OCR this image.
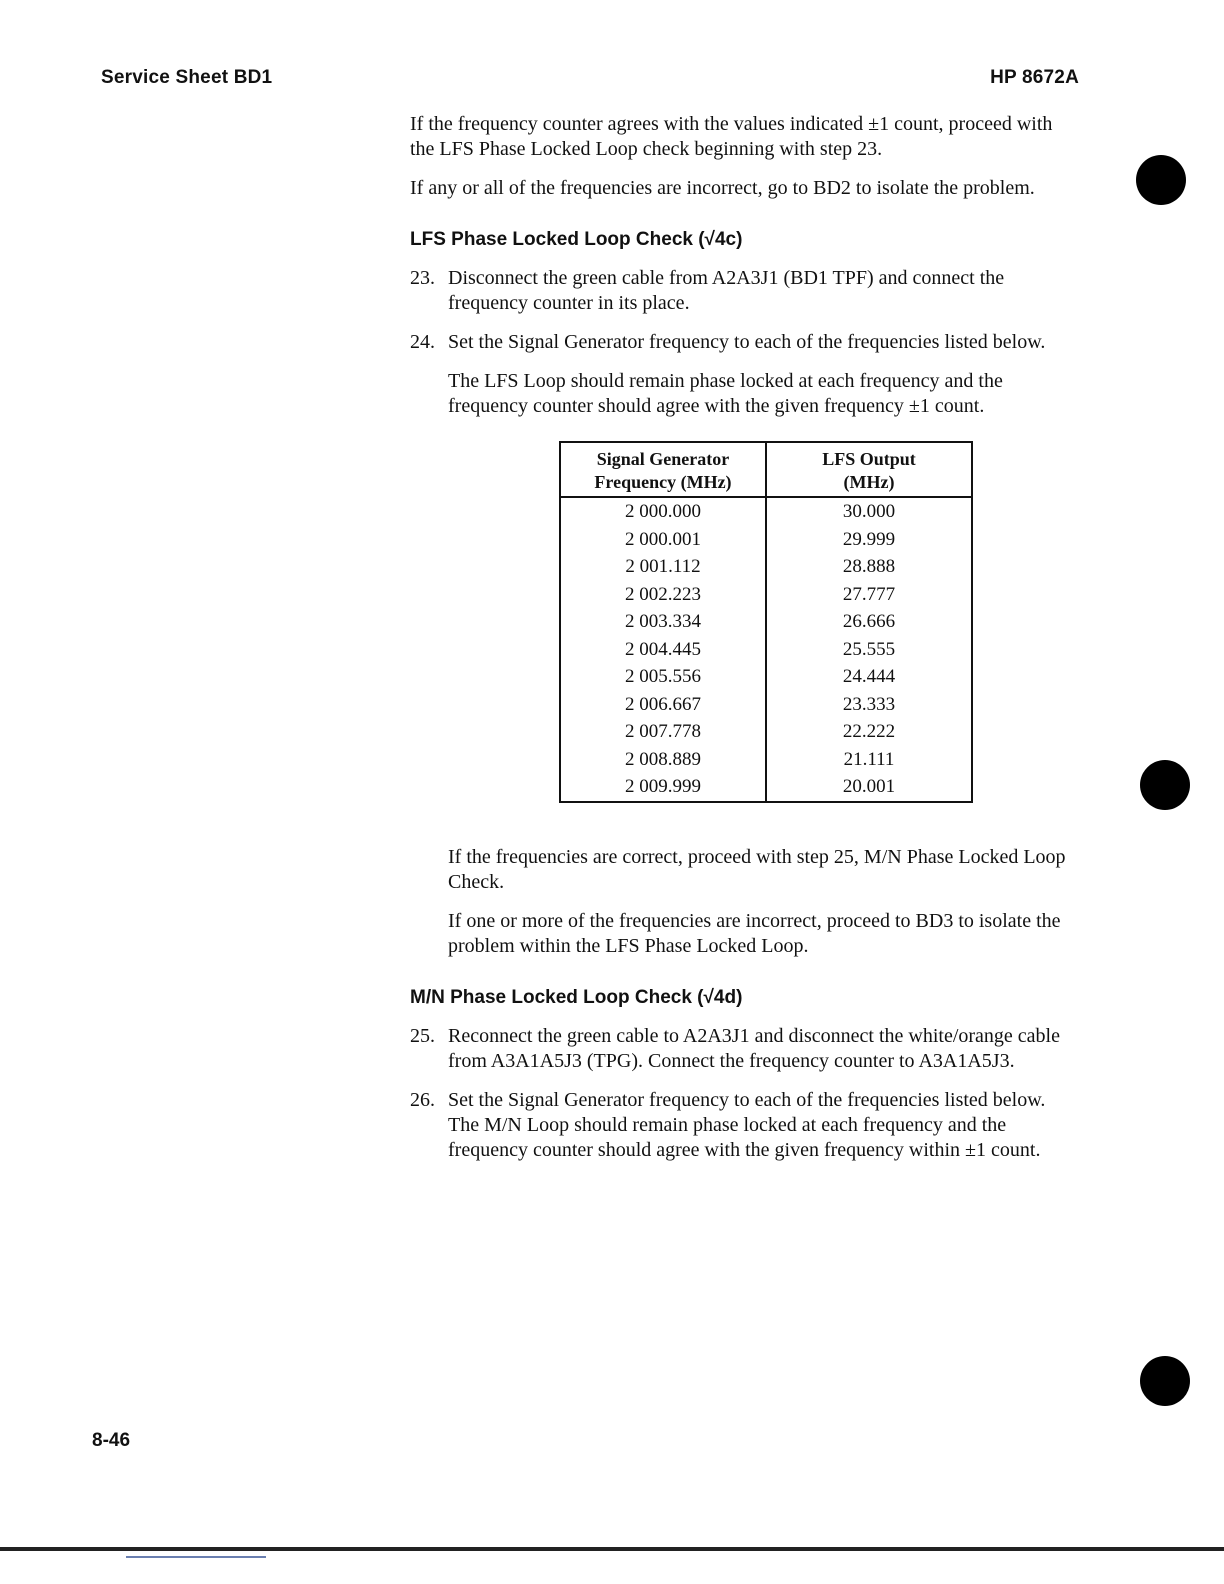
Service Sheet BD1	HP 8672A

If the frequency counter agrees with the values indicated ±1 count, proceed with the LFS Phase Locked Loop check beginning with step 23.

If any or all of the frequencies are incorrect, go to BD2 to isolate the problem.

LFS Phase Locked Loop Check (√4c)
23. Disconnect the green cable from A2A3J1 (BD1 TPF) and connect the frequency counter in its place.
24. Set the Signal Generator frequency to each of the frequencies listed below.

The LFS Loop should remain phase locked at each frequency and the frequency counter should agree with the given frequency ±1 count.

Signal Generator
Frequency (MHz)	LFS Output
(MHz)
2 000.000	30.000
2 000.001	29.999
2 001.112	28.888
2 002.223	27.777
2 003.334	26.666
2 004.445	25.555
2 005.556	24.444
2 006.667	23.333
2 007.778	22.222
2 008.889	21.111
2 009.999	20.001

If the frequencies are correct, proceed with step 25, M/N Phase Locked Loop Check.

If one or more of the frequencies are incorrect, proceed to BD3 to isolate the problem within the LFS Phase Locked Loop.

M/N Phase Locked Loop Check (√4d)
25. Reconnect the green cable to A2A3J1 and disconnect the white/orange cable from A3A1A5J3 (TPG). Connect the frequency counter to A3A1A5J3.
26. Set the Signal Generator frequency to each of the frequencies listed below. The M/N Loop should remain phase locked at each frequency and the frequency counter should agree with the given frequency within ±1 count.
8-46
